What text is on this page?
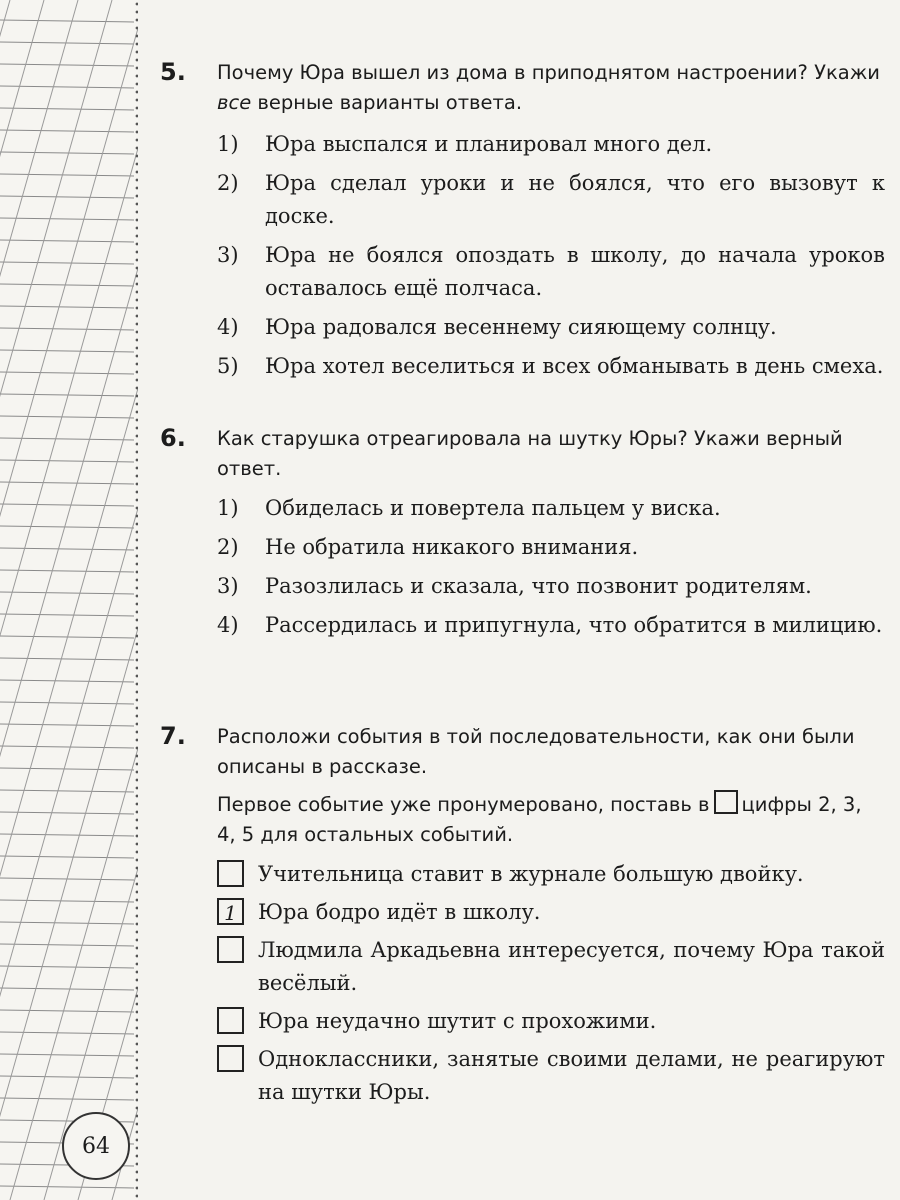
64
5. Почему Юра вышел из дома в приподнятом настроении? Укажи все верные варианты ответа.
1)	Юра выспался и планировал много дел.
2)	Юра сделал уроки и не боялся, что его вызовут к доске.
3)	Юра не боялся опоздать в школу, до начала уроков оставалось ещё полчаса.
4)	Юра радовался весеннему сияющему солнцу.
5)	Юра хотел веселиться и всех обманывать в день смеха.
6. Как старушка отреагировала на шутку Юры? Укажи верный ответ.
1)	Обиделась и повертела пальцем у виска.
2)	Не обратила никакого внимания.
3)	Разозлилась и сказала, что позвонит родителям.
4)	Рассердилась и припугнула, что обратится в милицию.
7. Расположи события в той последовательности, как они были описаны в рассказе.
Первое событие уже пронумеровано, поставь в цифры 2, 3, 4, 5 для остальных событий.
Учительница ставит в журнале большую двойку.
1	Юра бодро идёт в школу.
Людмила Аркадьевна интересуется, почему Юра такой весёлый.
Юра неудачно шутит с прохожими.
Одноклассники, занятые своими делами, не реагируют на шутки Юры.
